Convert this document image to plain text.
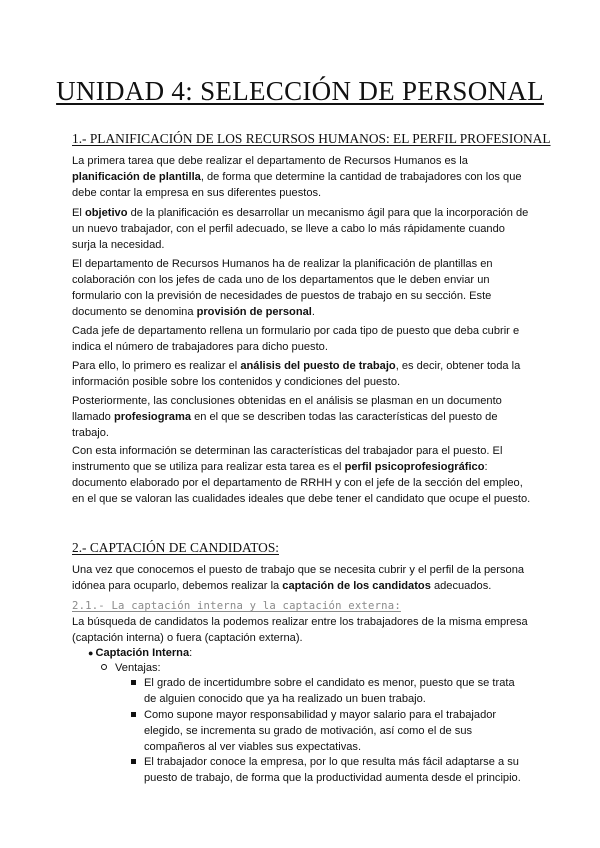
UNIDAD 4: SELECCIÓN DE PERSONAL
1.- PLANIFICACIÓN DE LOS RECURSOS HUMANOS: EL PERFIL PROFESIONAL

La primera tarea que debe realizar el departamento de Recursos Humanos es la planificación de plantilla, de forma que determine la cantidad de trabajadores con los que debe contar la empresa en sus diferentes puestos.

El objetivo de la planificación es desarrollar un mecanismo ágil para que la incorporación de un nuevo trabajador, con el perfil adecuado, se lleve a cabo lo más rápidamente cuando surja la necesidad.

El departamento de Recursos Humanos ha de realizar la planificación de plantillas en colaboración con los jefes de cada uno de los departamentos que le deben enviar un formulario con la previsión de necesidades de puestos de trabajo en su sección. Este documento se denomina provisión de personal.

Cada jefe de departamento rellena un formulario por cada tipo de puesto que deba cubrir e indica el número de trabajadores para dicho puesto.

Para ello, lo primero es realizar el análisis del puesto de trabajo, es decir, obtener toda la información posible sobre los contenidos y condiciones del puesto.

Posteriormente, las conclusiones obtenidas en el análisis se plasman en un documento llamado profesiograma en el que se describen todas las características del puesto de trabajo.

Con esta información se determinan las características del trabajador para el puesto. El instrumento que se utiliza para realizar esta tarea es el perfil psicoprofesiográfico: documento elaborado por el departamento de RRHH y con el jefe de la sección del empleo, en el que se valoran las cualidades ideales que debe tener el candidato que ocupe el puesto.

2.- CAPTACIÓN DE CANDIDATOS:

Una vez que conocemos el puesto de trabajo que se necesita cubrir y el perfil de la persona idónea para ocuparlo, debemos realizar la captación de los candidatos adecuados.

2.1.- La captación interna y la captación externa:

La búsqueda de candidatos la podemos realizar entre los trabajadores de la misma empresa (captación interna) o fuera (captación externa).

● Captación Interna:
Ventajas:
El grado de incertidumbre sobre el candidato es menor, puesto que se trata de alguien conocido que ya ha realizado un buen trabajo.
Como supone mayor responsabilidad y mayor salario para el trabajador elegido, se incrementa su grado de motivación, así como el de sus compañeros al ver viables sus expectativas.
El trabajador conoce la empresa, por lo que resulta más fácil adaptarse a su puesto de trabajo, de forma que la productividad aumenta desde el principio.
